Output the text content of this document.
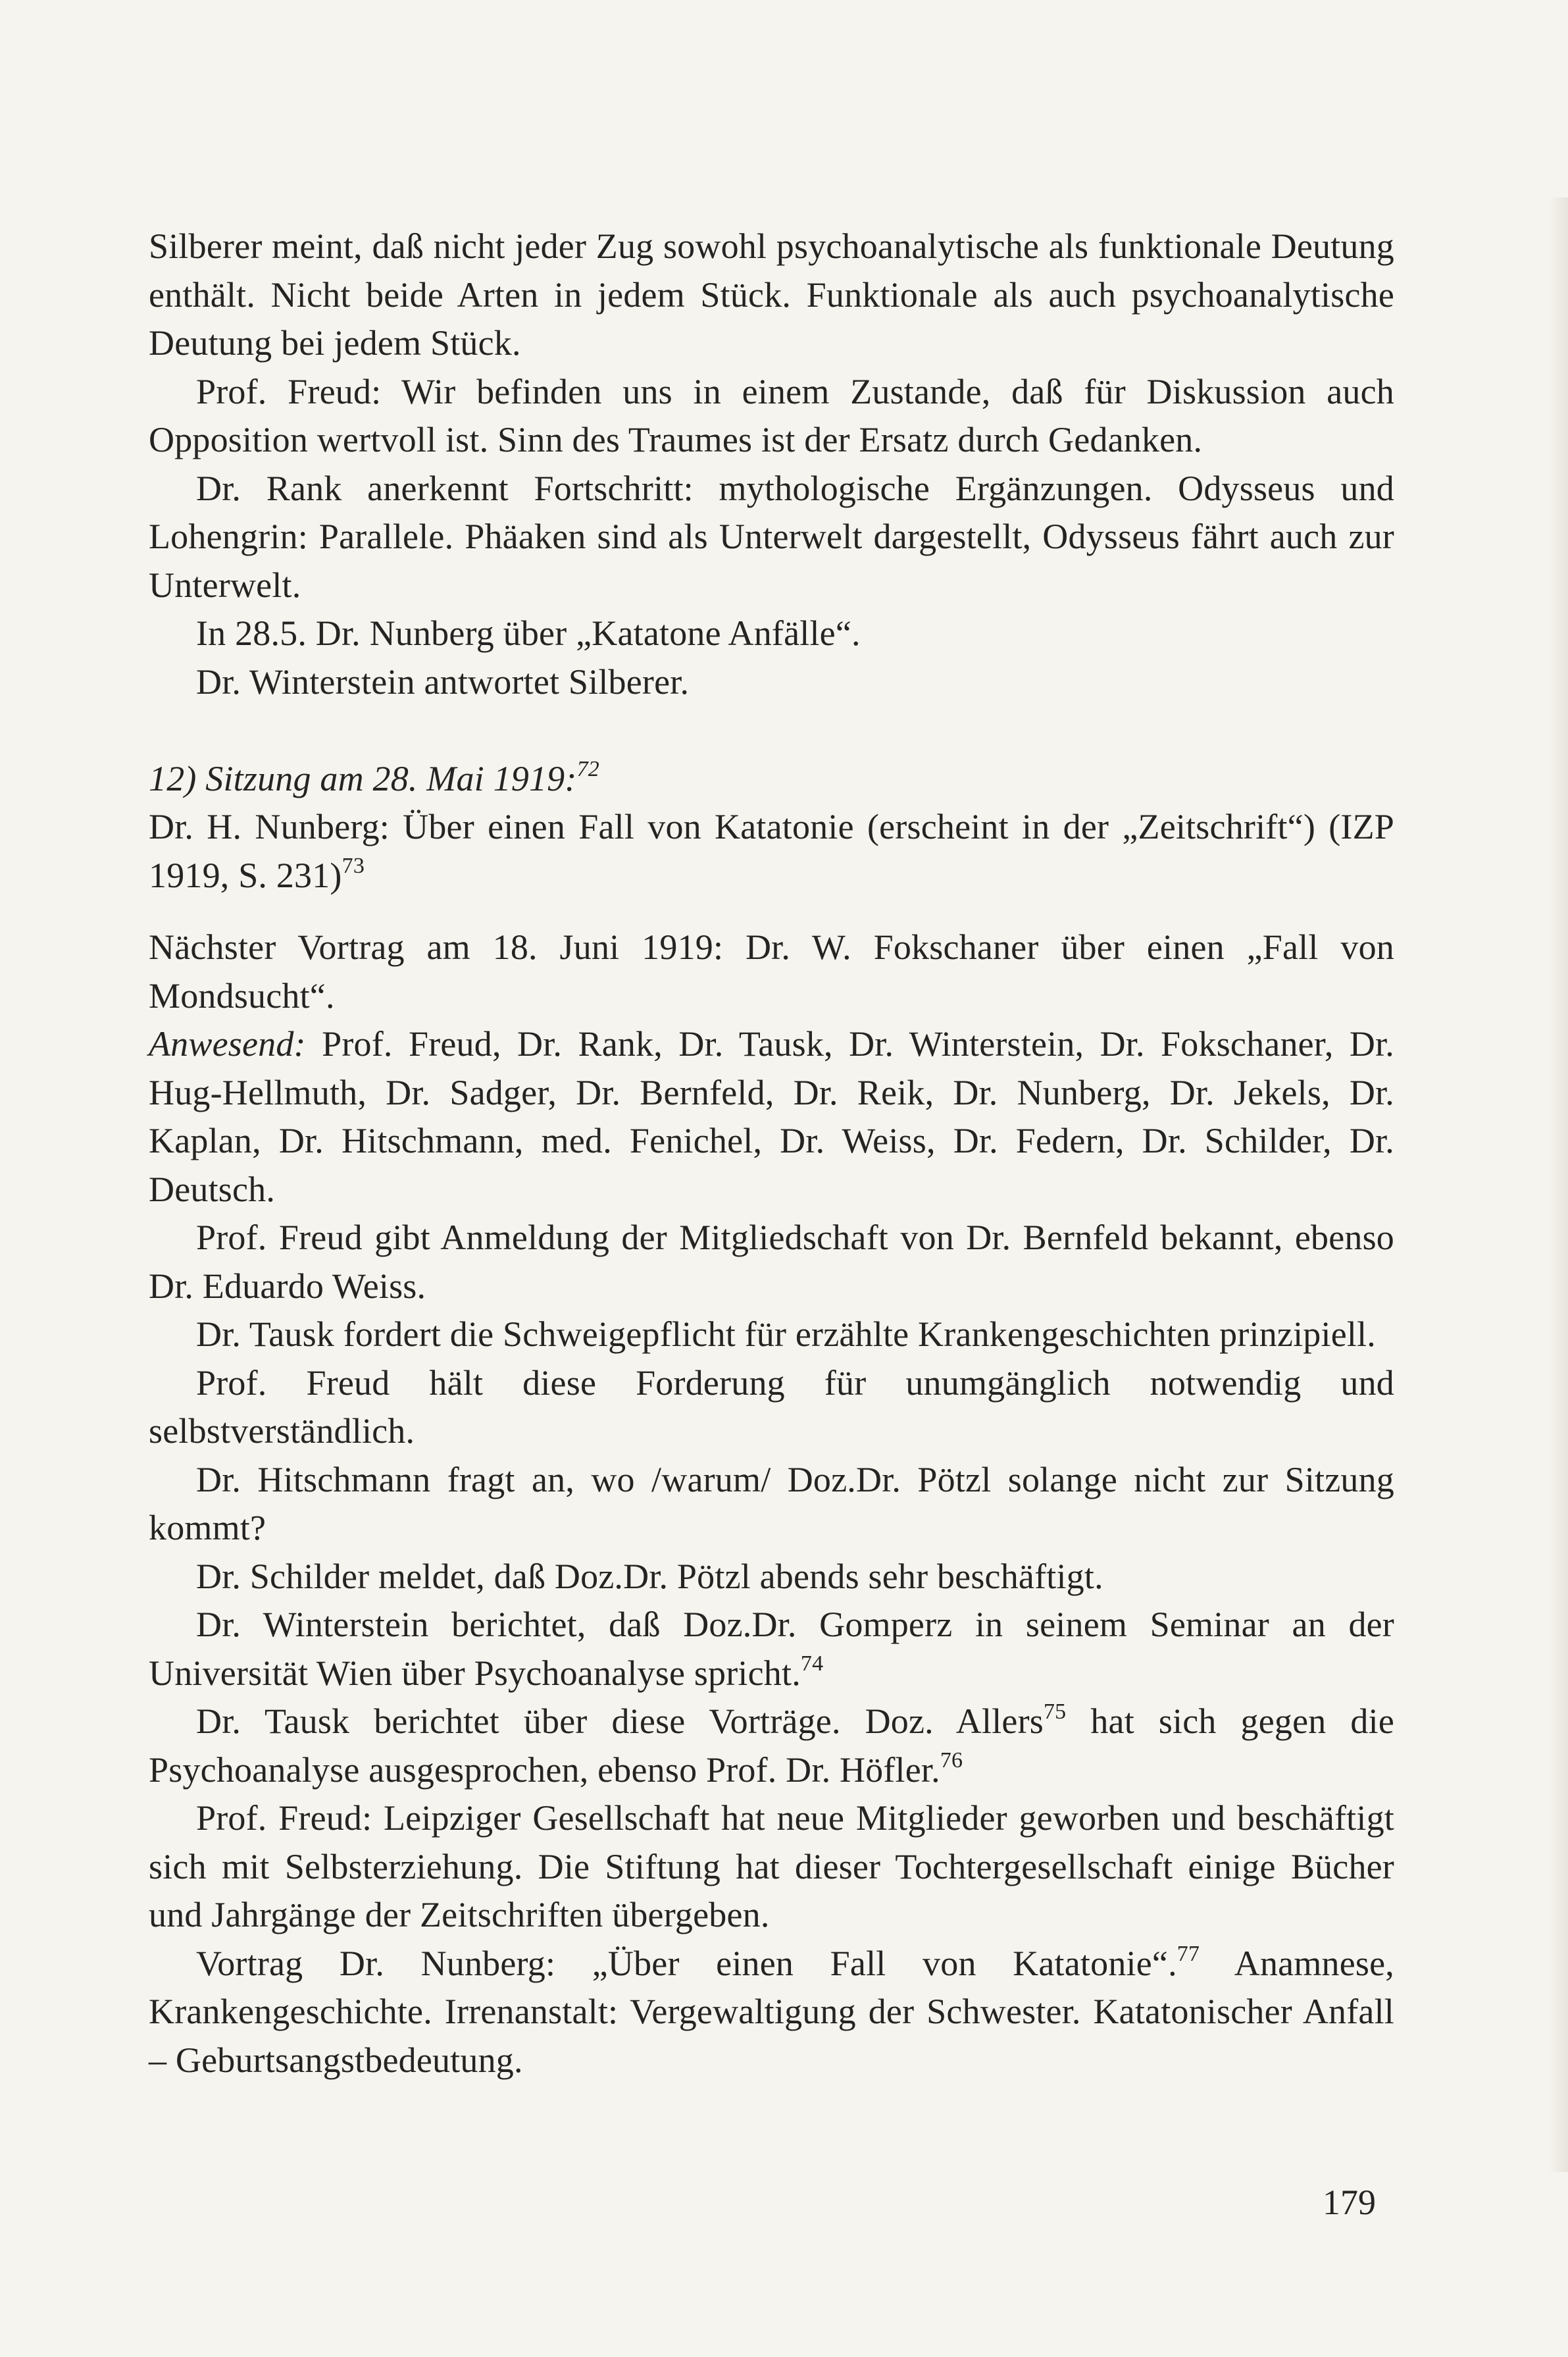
Silberer meint, daß nicht jeder Zug sowohl psychoanalytische als funktionale Deutung enthält. Nicht beide Arten in jedem Stück. Funktionale als auch psychoanalytische Deutung bei jedem Stück.

Prof. Freud: Wir befinden uns in einem Zustande, daß für Diskussion auch Opposition wertvoll ist. Sinn des Traumes ist der Ersatz durch Gedanken.

Dr. Rank anerkennt Fortschritt: mythologische Ergänzungen. Odysseus und Lohengrin: Parallele. Phäaken sind als Unterwelt dargestellt, Odysseus fährt auch zur Unterwelt.

In 28.5. Dr. Nunberg über „Katatone Anfälle“.

Dr. Winterstein antwortet Silberer.

12) Sitzung am 28. Mai 1919:$^{72}$

Dr. H. Nunberg: Über einen Fall von Katatonie (erscheint in der „Zeitschrift“) (IZP 1919, S. 231)$^{73}$

Nächster Vortrag am 18. Juni 1919: Dr. W. Fokschaner über einen „Fall von Mondsucht“.

Anwesend: Prof. Freud, Dr. Rank, Dr. Tausk, Dr. Winterstein, Dr. Fokschaner, Dr. Hug-Hellmuth, Dr. Sadger, Dr. Bernfeld, Dr. Reik, Dr. Nunberg, Dr. Jekels, Dr. Kaplan, Dr. Hitschmann, med. Fenichel, Dr. Weiss, Dr. Federn, Dr. Schilder, Dr. Deutsch.

Prof. Freud gibt Anmeldung der Mitgliedschaft von Dr. Bernfeld bekannt, ebenso Dr. Eduardo Weiss.

Dr. Tausk fordert die Schweigepflicht für erzählte Krankengeschichten prinzipiell.

Prof. Freud hält diese Forderung für unumgänglich notwendig und selbstverständlich.

Dr. Hitschmann fragt an, wo /warum/ Doz.Dr. Pötzl solange nicht zur Sitzung kommt?

Dr. Schilder meldet, daß Doz.Dr. Pötzl abends sehr beschäftigt.

Dr. Winterstein berichtet, daß Doz.Dr. Gomperz in seinem Seminar an der Universität Wien über Psychoanalyse spricht.$^{74}$

Dr. Tausk berichtet über diese Vorträge. Doz. Allers$^{75}$ hat sich gegen die Psychoanalyse ausgesprochen, ebenso Prof. Dr. Höfler.$^{76}$

Prof. Freud: Leipziger Gesellschaft hat neue Mitglieder geworben und beschäftigt sich mit Selbsterziehung. Die Stiftung hat dieser Tochtergesellschaft einige Bücher und Jahrgänge der Zeitschriften übergeben.

Vortrag Dr. Nunberg: „Über einen Fall von Katatonie“.$^{77}$ Anamnese, Krankengeschichte. Irrenanstalt: Vergewaltigung der Schwester. Katatonischer Anfall – Geburtsangstbedeutung.

179
